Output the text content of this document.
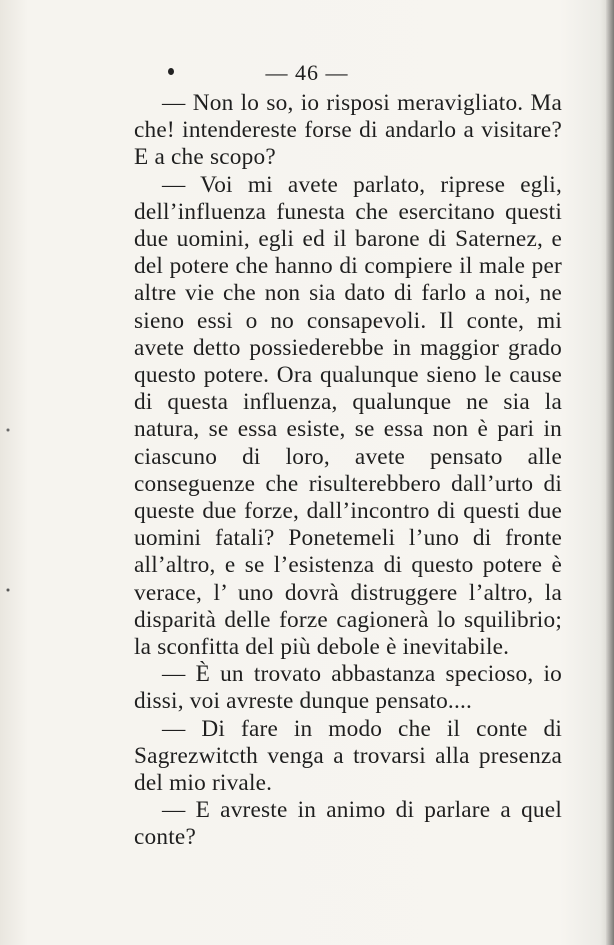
— 46 —

— Non lo so, io risposi meravigliato. Ma che! intendereste forse di andarlo a visitare? E a che scopo?

— Voi mi avete parlato, riprese egli, dell’influenza funesta che esercitano questi due uomini, egli ed il barone di Saternez, e del potere che hanno di compiere il male per altre vie che non sia dato di farlo a noi, ne sieno essi o no consapevoli. Il conte, mi avete detto possiederebbe in maggior grado questo potere. Ora qualunque sieno le cause di questa influenza, qualunque ne sia la natura, se essa esiste, se essa non è pari in ciascuno di loro, avete pensato alle conseguenze che risulterebbero dall’urto di queste due forze, dall’incontro di questi due uomini fatali? Ponetemeli l’uno di fronte all’altro, e se l’esistenza di questo potere è verace, l’ uno dovrà distruggere l’altro, la disparità delle forze cagionerà lo squilibrio; la sconfitta del più debole è inevitabile.

— È un trovato abbastanza specioso, io dissi, voi avreste dunque pensato....

— Di fare in modo che il conte di Sagrezwitcth venga a trovarsi alla presenza del mio rivale.

— E avreste in animo di parlare a quel conte?
